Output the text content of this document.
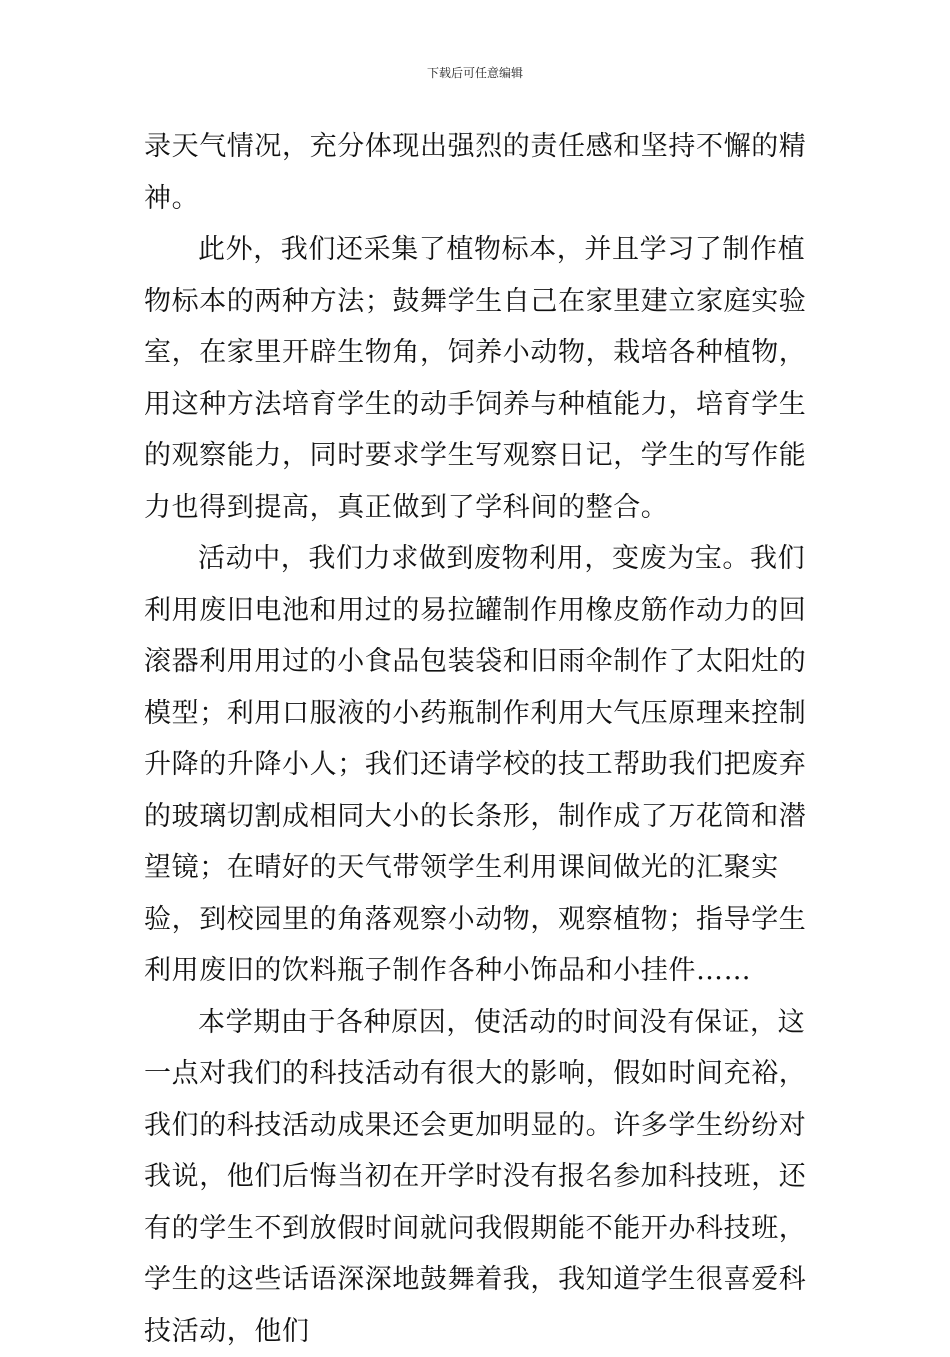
下载后可任意编辑

录天气情况，充分体现出强烈的责任感和坚持不懈的精神。

此外，我们还采集了植物标本，并且学习了制作植物标本的两种方法；鼓舞学生自己在家里建立家庭实验室，在家里开辟生物角，饲养小动物，栽培各种植物，用这种方法培育学生的动手饲养与种植能力，培育学生的观察能力，同时要求学生写观察日记，学生的写作能力也得到提高，真正做到了学科间的整合。

活动中，我们力求做到废物利用，变废为宝。我们利用废旧电池和用过的易拉罐制作用橡皮筋作动力的回滚器利用用过的小食品包装袋和旧雨伞制作了太阳灶的模型；利用口服液的小药瓶制作利用大气压原理来控制升降的升降小人；我们还请学校的技工帮助我们把废弃的玻璃切割成相同大小的长条形，制作成了万花筒和潜望镜；在晴好的天气带领学生利用课间做光的汇聚实验，到校园里的角落观察小动物，观察植物；指导学生利用废旧的饮料瓶子制作各种小饰品和小挂件……

本学期由于各种原因，使活动的时间没有保证，这一点对我们的科技活动有很大的影响，假如时间充裕，我们的科技活动成果还会更加明显的。许多学生纷纷对我说，他们后悔当初在开学时没有报名参加科技班，还有的学生不到放假时间就问我假期能不能开办科技班，学生的这些话语深深地鼓舞着我，我知道学生很喜爱科技活动，他们
